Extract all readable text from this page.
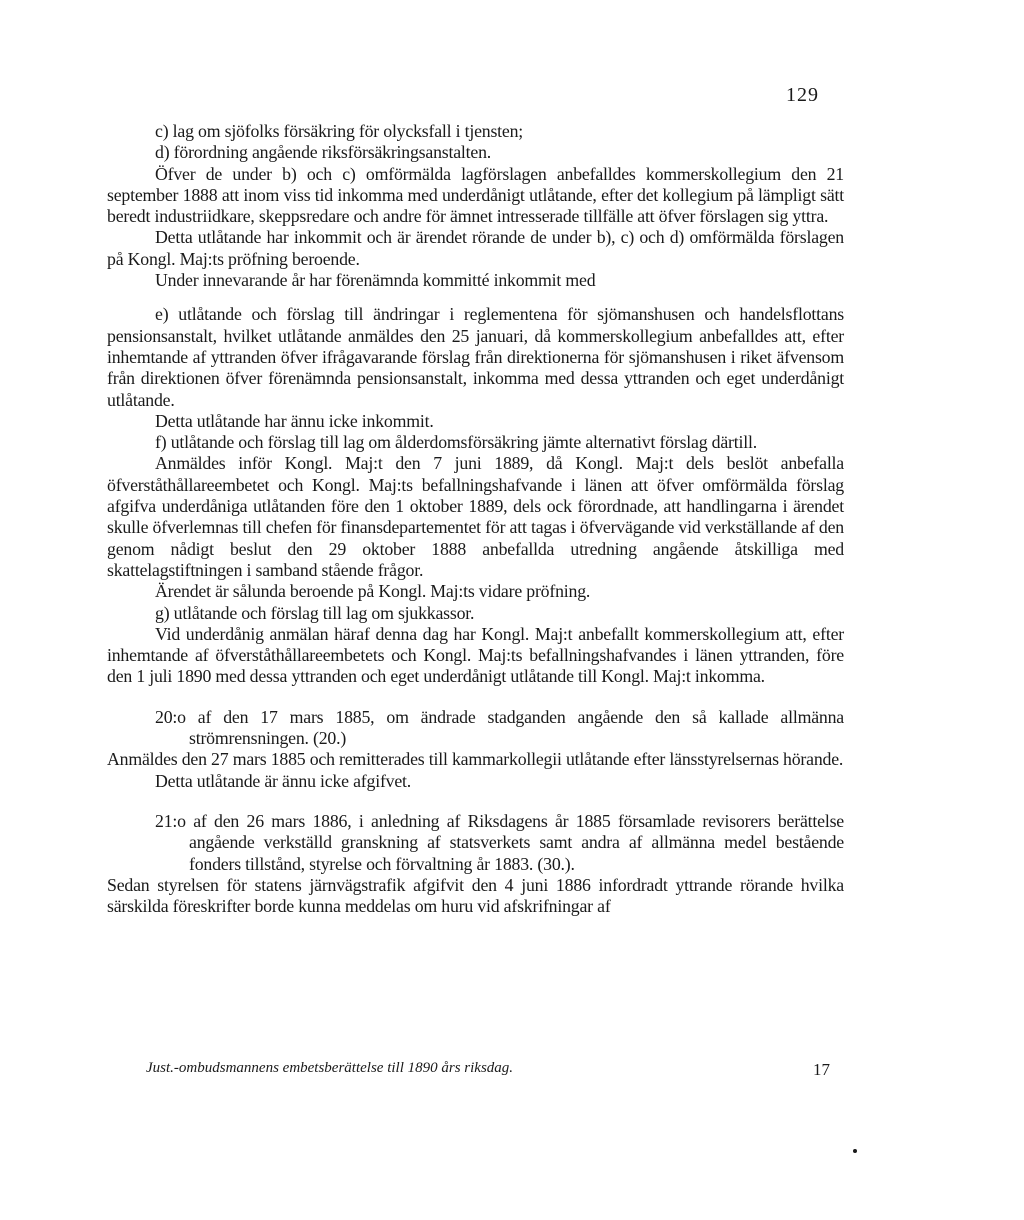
129

c) lag om sjöfolks försäkring för olycksfall i tjensten;

d) förordning angående riksförsäkringsanstalten.

Öfver de under b) och c) omförmälda lagförslagen anbefalldes kommerskollegium den 21 september 1888 att inom viss tid inkomma med underdånigt utlåtande, efter det kollegium på lämpligt sätt beredt industriidkare, skeppsredare och andre för ämnet intresserade tillfälle att öfver förslagen sig yttra.

Detta utlåtande har inkommit och är ärendet rörande de under b), c) och d) omförmälda förslagen på Kongl. Maj:ts pröfning beroende.

Under innevarande år har förenämnda kommitté inkommit med

e) utlåtande och förslag till ändringar i reglementena för sjömanshusen och handelsflottans pensionsanstalt, hvilket utlåtande anmäldes den 25 januari, då kommerskollegium anbefalldes att, efter inhemtande af yttranden öfver ifrågavarande förslag från direktionerna för sjömanshusen i riket äfvensom från direktionen öfver förenämnda pensionsanstalt, inkomma med dessa yttranden och eget underdånigt utlåtande.

Detta utlåtande har ännu icke inkommit.

f) utlåtande och förslag till lag om ålderdomsförsäkring jämte alternativt förslag därtill.

Anmäldes inför Kongl. Maj:t den 7 juni 1889, då Kongl. Maj:t dels beslöt anbefalla öfverståthållareembetet och Kongl. Maj:ts befallningshafvande i länen att öfver omförmälda förslag afgifva underdåniga utlåtanden före den 1 oktober 1889, dels ock förordnade, att handlingarna i ärendet skulle öfverlemnas till chefen för finansdepartementet för att tagas i öfvervägande vid verkställande af den genom nådigt beslut den 29 oktober 1888 anbefallda utredning angående åtskilliga med skattelagstiftningen i samband stående frågor.

Ärendet är sålunda beroende på Kongl. Maj:ts vidare pröfning.

g) utlåtande och förslag till lag om sjukkassor.

Vid underdånig anmälan häraf denna dag har Kongl. Maj:t anbefallt kommerskollegium att, efter inhemtande af öfverståthållareembetets och Kongl. Maj:ts befallningshafvandes i länen yttranden, före den 1 juli 1890 med dessa yttranden och eget underdånigt utlåtande till Kongl. Maj:t inkomma.

20:o af den 17 mars 1885, om ändrade stadganden angående den så kallade allmänna strömrensningen. (20.)

Anmäldes den 27 mars 1885 och remitterades till kammarkollegii utlåtande efter länsstyrelsernas hörande.

Detta utlåtande är ännu icke afgifvet.

21:o af den 26 mars 1886, i anledning af Riksdagens år 1885 församlade revisorers berättelse angående verkställd granskning af statsverkets samt andra af allmänna medel bestående fonders tillstånd, styrelse och förvaltning år 1883. (30.).

Sedan styrelsen för statens järnvägstrafik afgifvit den 4 juni 1886 infordradt yttrande rörande hvilka särskilda föreskrifter borde kunna meddelas om huru vid afskrifningar af

Just.-ombudsmannens embetsberättelse till 1890 års riksdag.	17
